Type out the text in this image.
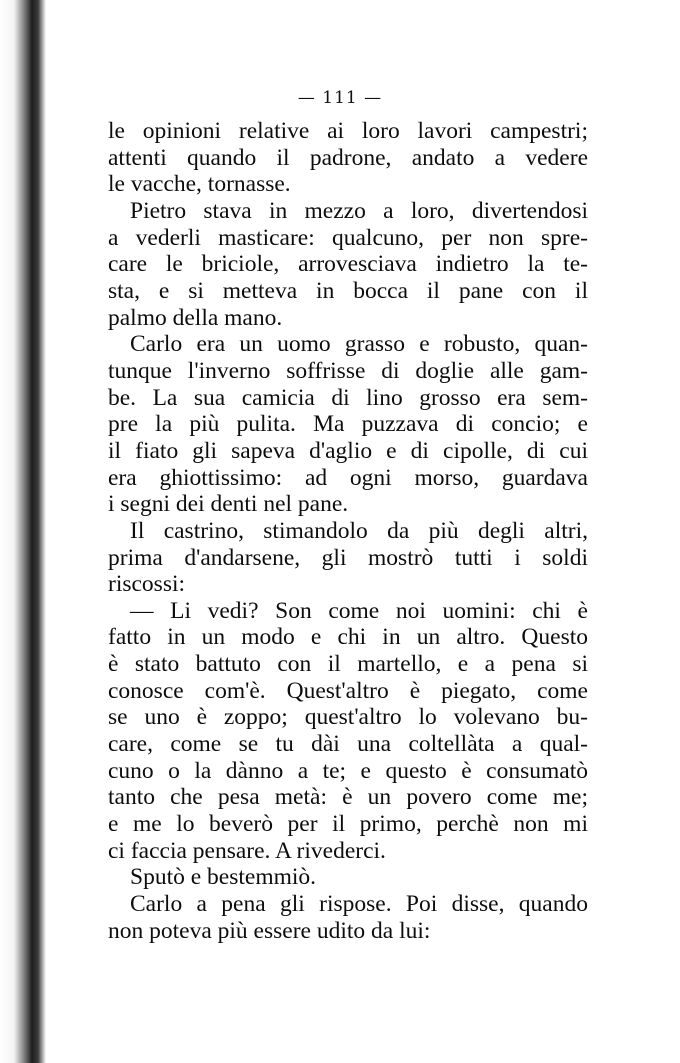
— 111 —
le opinioni relative ai loro lavori campestri;
attenti quando il padrone, andato a vedere
le vacche, tornasse.
Pietro stava in mezzo a loro, divertendosi
a vederli masticare: qualcuno, per non spre-
care le briciole, arrovesciava indietro la te-
sta, e si metteva in bocca il pane con il
palmo della mano.
Carlo era un uomo grasso e robusto, quan-
tunque l'inverno soffrisse di doglie alle gam-
be. La sua camicia di lino grosso era sem-
pre la più pulita. Ma puzzava di concio; e
il fiato gli sapeva d'aglio e di cipolle, di cui
era ghiottissimo: ad ogni morso, guardava
i segni dei denti nel pane.
Il castrino, stimandolo da più degli altri,
prima d'andarsene, gli mostrò tutti i soldi
riscossi:
— Li vedi? Son come noi uomini: chi è
fatto in un modo e chi in un altro. Questo
è stato battuto con il martello, e a pena si
conosce com'è. Quest'altro è piegato, come
se uno è zoppo; quest'altro lo volevano bu-
care, come se tu dài una coltellàta a qual-
cuno o la dànno a te; e questo è consumatò
tanto che pesa metà: è un povero come me;
e me lo beverò per il primo, perchè non mi
ci faccia pensare. A rivederci.
Sputò e bestemmiò.
Carlo a pena gli rispose. Poi disse, quando
non poteva più essere udito da lui:
